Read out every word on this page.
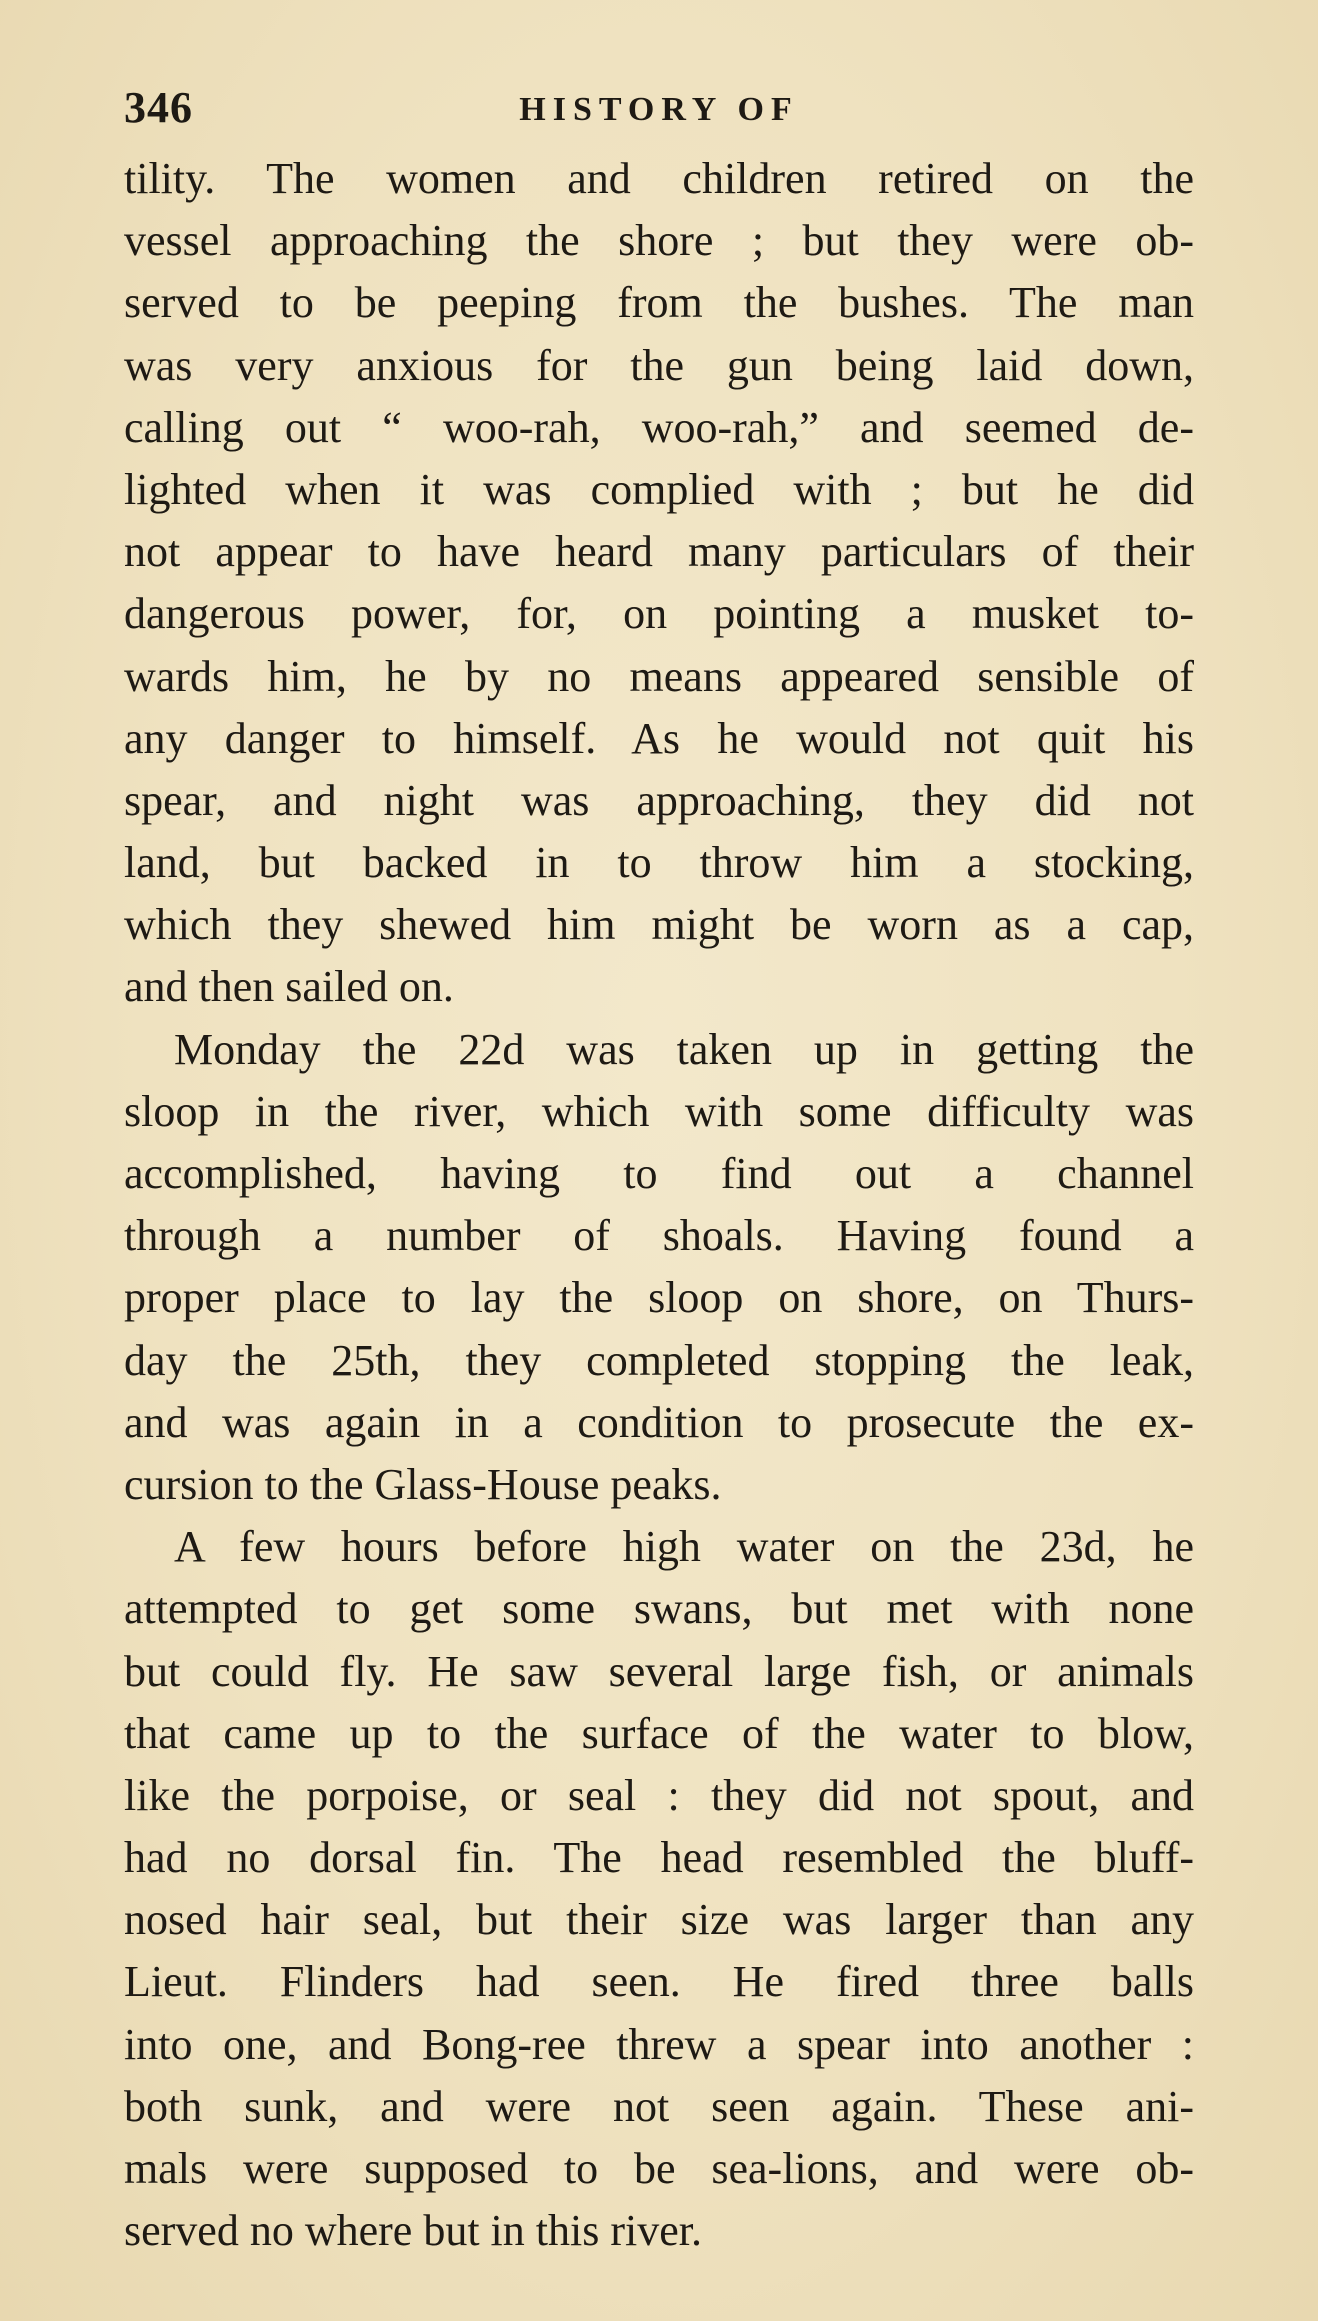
346	HISTORY OF
tility. The women and children retired on the
vessel approaching the shore ; but they were ob-
served to be peeping from the bushes. The man
was very anxious for the gun being laid down,
calling out “ woo-rah, woo-rah,” and seemed de-
lighted when it was complied with ; but he did
not appear to have heard many particulars of their
dangerous power, for, on pointing a musket to-
wards him, he by no means appeared sensible of
any danger to himself. As he would not quit his
spear, and night was approaching, they did not
land, but backed in to throw him a stocking,
which they shewed him might be worn as a cap,
and then sailed on.
Monday the 22d was taken up in getting the
sloop in the river, which with some difficulty was
accomplished, having to find out a channel
through a number of shoals. Having found a
proper place to lay the sloop on shore, on Thurs-
day the 25th, they completed stopping the leak,
and was again in a condition to prosecute the ex-
cursion to the Glass-House peaks.
A few hours before high water on the 23d, he
attempted to get some swans, but met with none
but could fly. He saw several large fish, or animals
that came up to the surface of the water to blow,
like the porpoise, or seal : they did not spout, and
had no dorsal fin. The head resembled the bluff-
nosed hair seal, but their size was larger than any
Lieut. Flinders had seen. He fired three balls
into one, and Bong-ree threw a spear into another :
both sunk, and were not seen again. These ani-
mals were supposed to be sea-lions, and were ob-
served no where but in this river.
